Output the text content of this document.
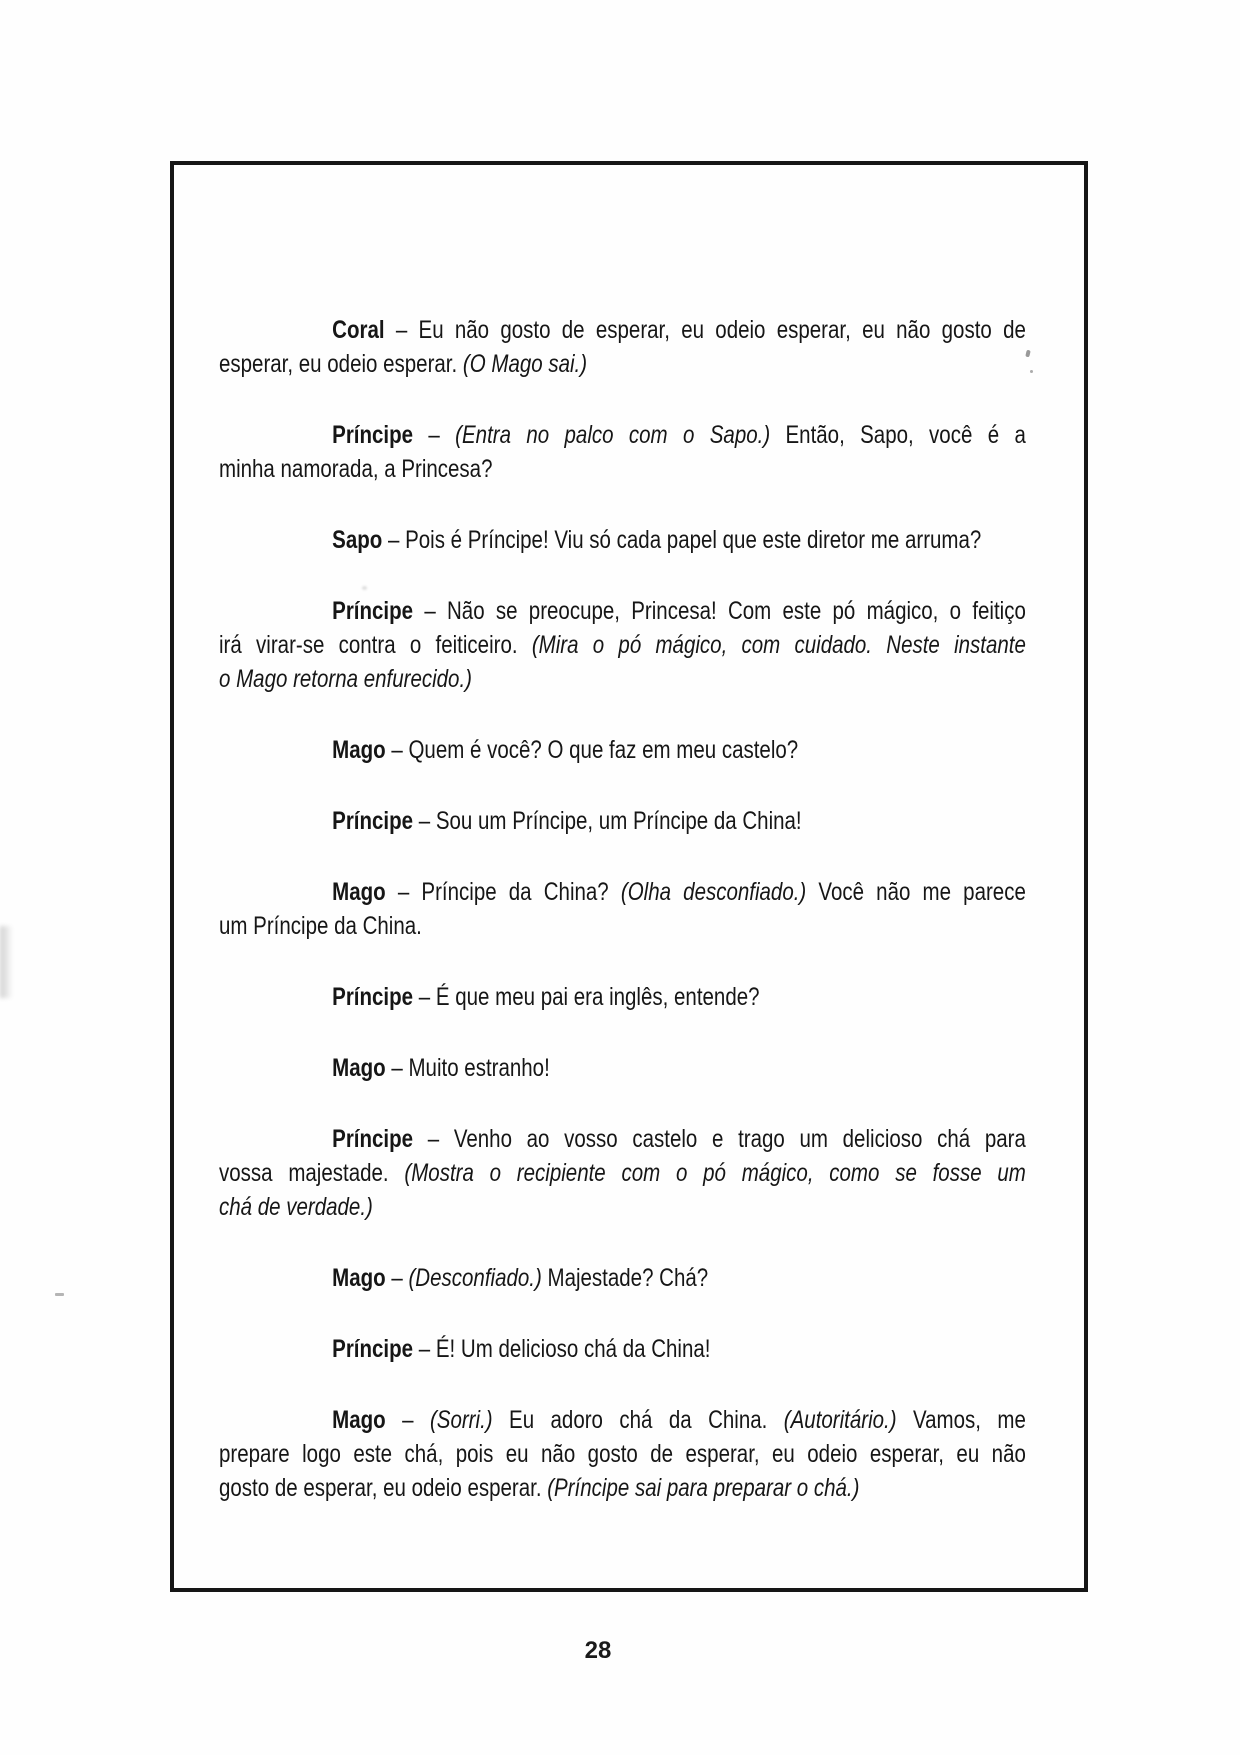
Coral – Eu não gosto de esperar, eu odeio esperar, eu não gosto de
esperar, eu odeio esperar. (O Mago sai.)
Príncipe – (Entra no palco com o Sapo.) Então, Sapo, você é a
minha namorada, a Princesa?
Sapo – Pois é Príncipe! Viu só cada papel que este diretor me arruma?
Príncipe – Não se preocupe, Princesa! Com este pó mágico, o feitiço
irá virar-se contra o feiticeiro. (Mira o pó mágico, com cuidado. Neste instante
o Mago retorna enfurecido.)
Mago – Quem é você? O que faz em meu castelo?
Príncipe – Sou um Príncipe, um Príncipe da China!
Mago – Príncipe da China? (Olha desconfiado.) Você não me parece
um Príncipe da China.
Príncipe – É que meu pai era inglês, entende?
Mago – Muito estranho!
Príncipe – Venho ao vosso castelo e trago um delicioso chá para
vossa majestade. (Mostra o recipiente com o pó mágico, como se fosse um
chá de verdade.)
Mago – (Desconfiado.) Majestade? Chá?
Príncipe – É! Um delicioso chá da China!
Mago – (Sorri.) Eu adoro chá da China. (Autoritário.) Vamos, me
prepare logo este chá, pois eu não gosto de esperar, eu odeio esperar, eu não
gosto de esperar, eu odeio esperar. (Príncipe sai para preparar o chá.)
28
